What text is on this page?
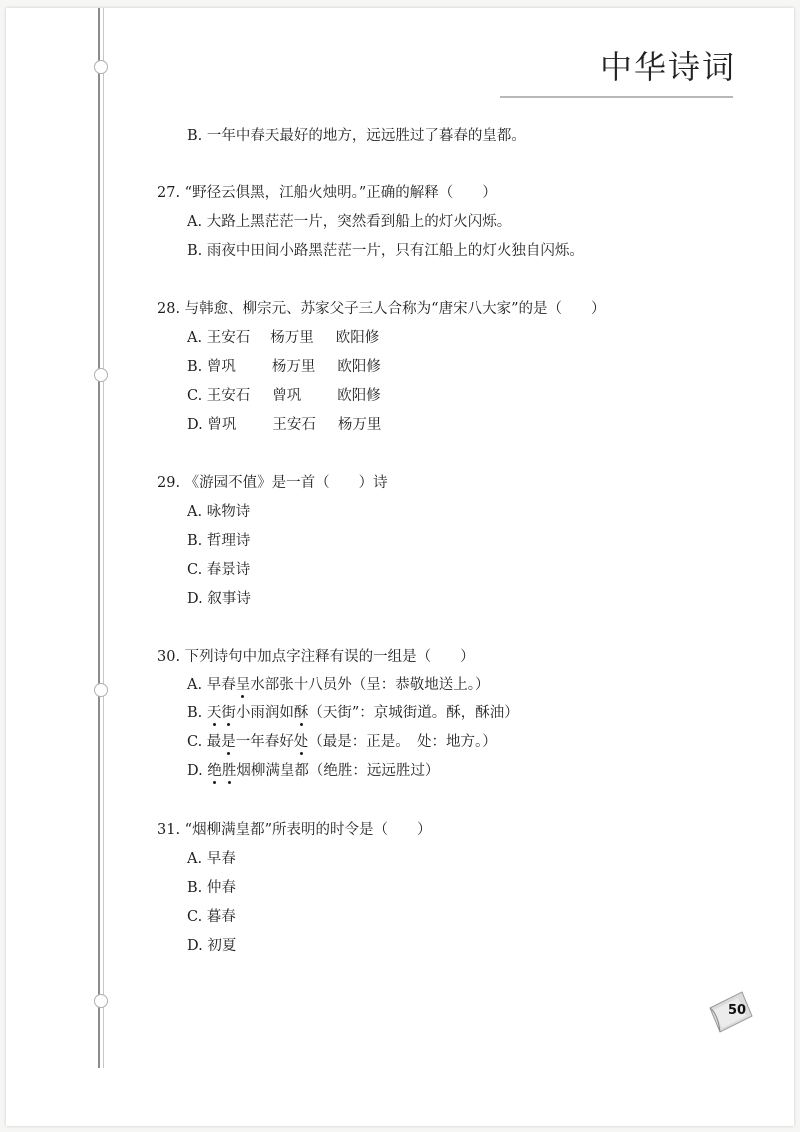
中华诗词
B. 一年中春天最好的地方，远远胜过了暮春的皇都。
27. “野径云俱黑，江船火烛明。”正确的解释（　　）
A. 大路上黑茫茫一片，突然看到船上的灯火闪烁。
B. 雨夜中田间小路黑茫茫一片，只有江船上的灯火独自闪烁。
28. 与韩愈、柳宗元、苏家父子三人合称为“唐宋八大家”的是（　　）
A. 王安石 杨万里 欧阳修
B. 曾巩 杨万里 欧阳修
C. 王安石 曾巩 欧阳修
D. 曾巩 王安石 杨万里
29. 《游园不值》是一首（　　）诗
A. 咏物诗
B. 哲理诗
C. 春景诗
D. 叙事诗
30. 下列诗句中加点字注释有误的一组是（　　）
A. 早春呈水部张十八员外（呈：恭敬地送上。）
B. 天街小雨润如酥（天街”：京城街道。酥，酥油）
C. 最是一年春好处（最是：正是。　处：地方。）
D. 绝胜烟柳满皇都（绝胜：远远胜过）
31. “烟柳满皇都”所表明的时令是（　　）
A. 早春
B. 仲春
C. 暮春
D. 初夏
50
